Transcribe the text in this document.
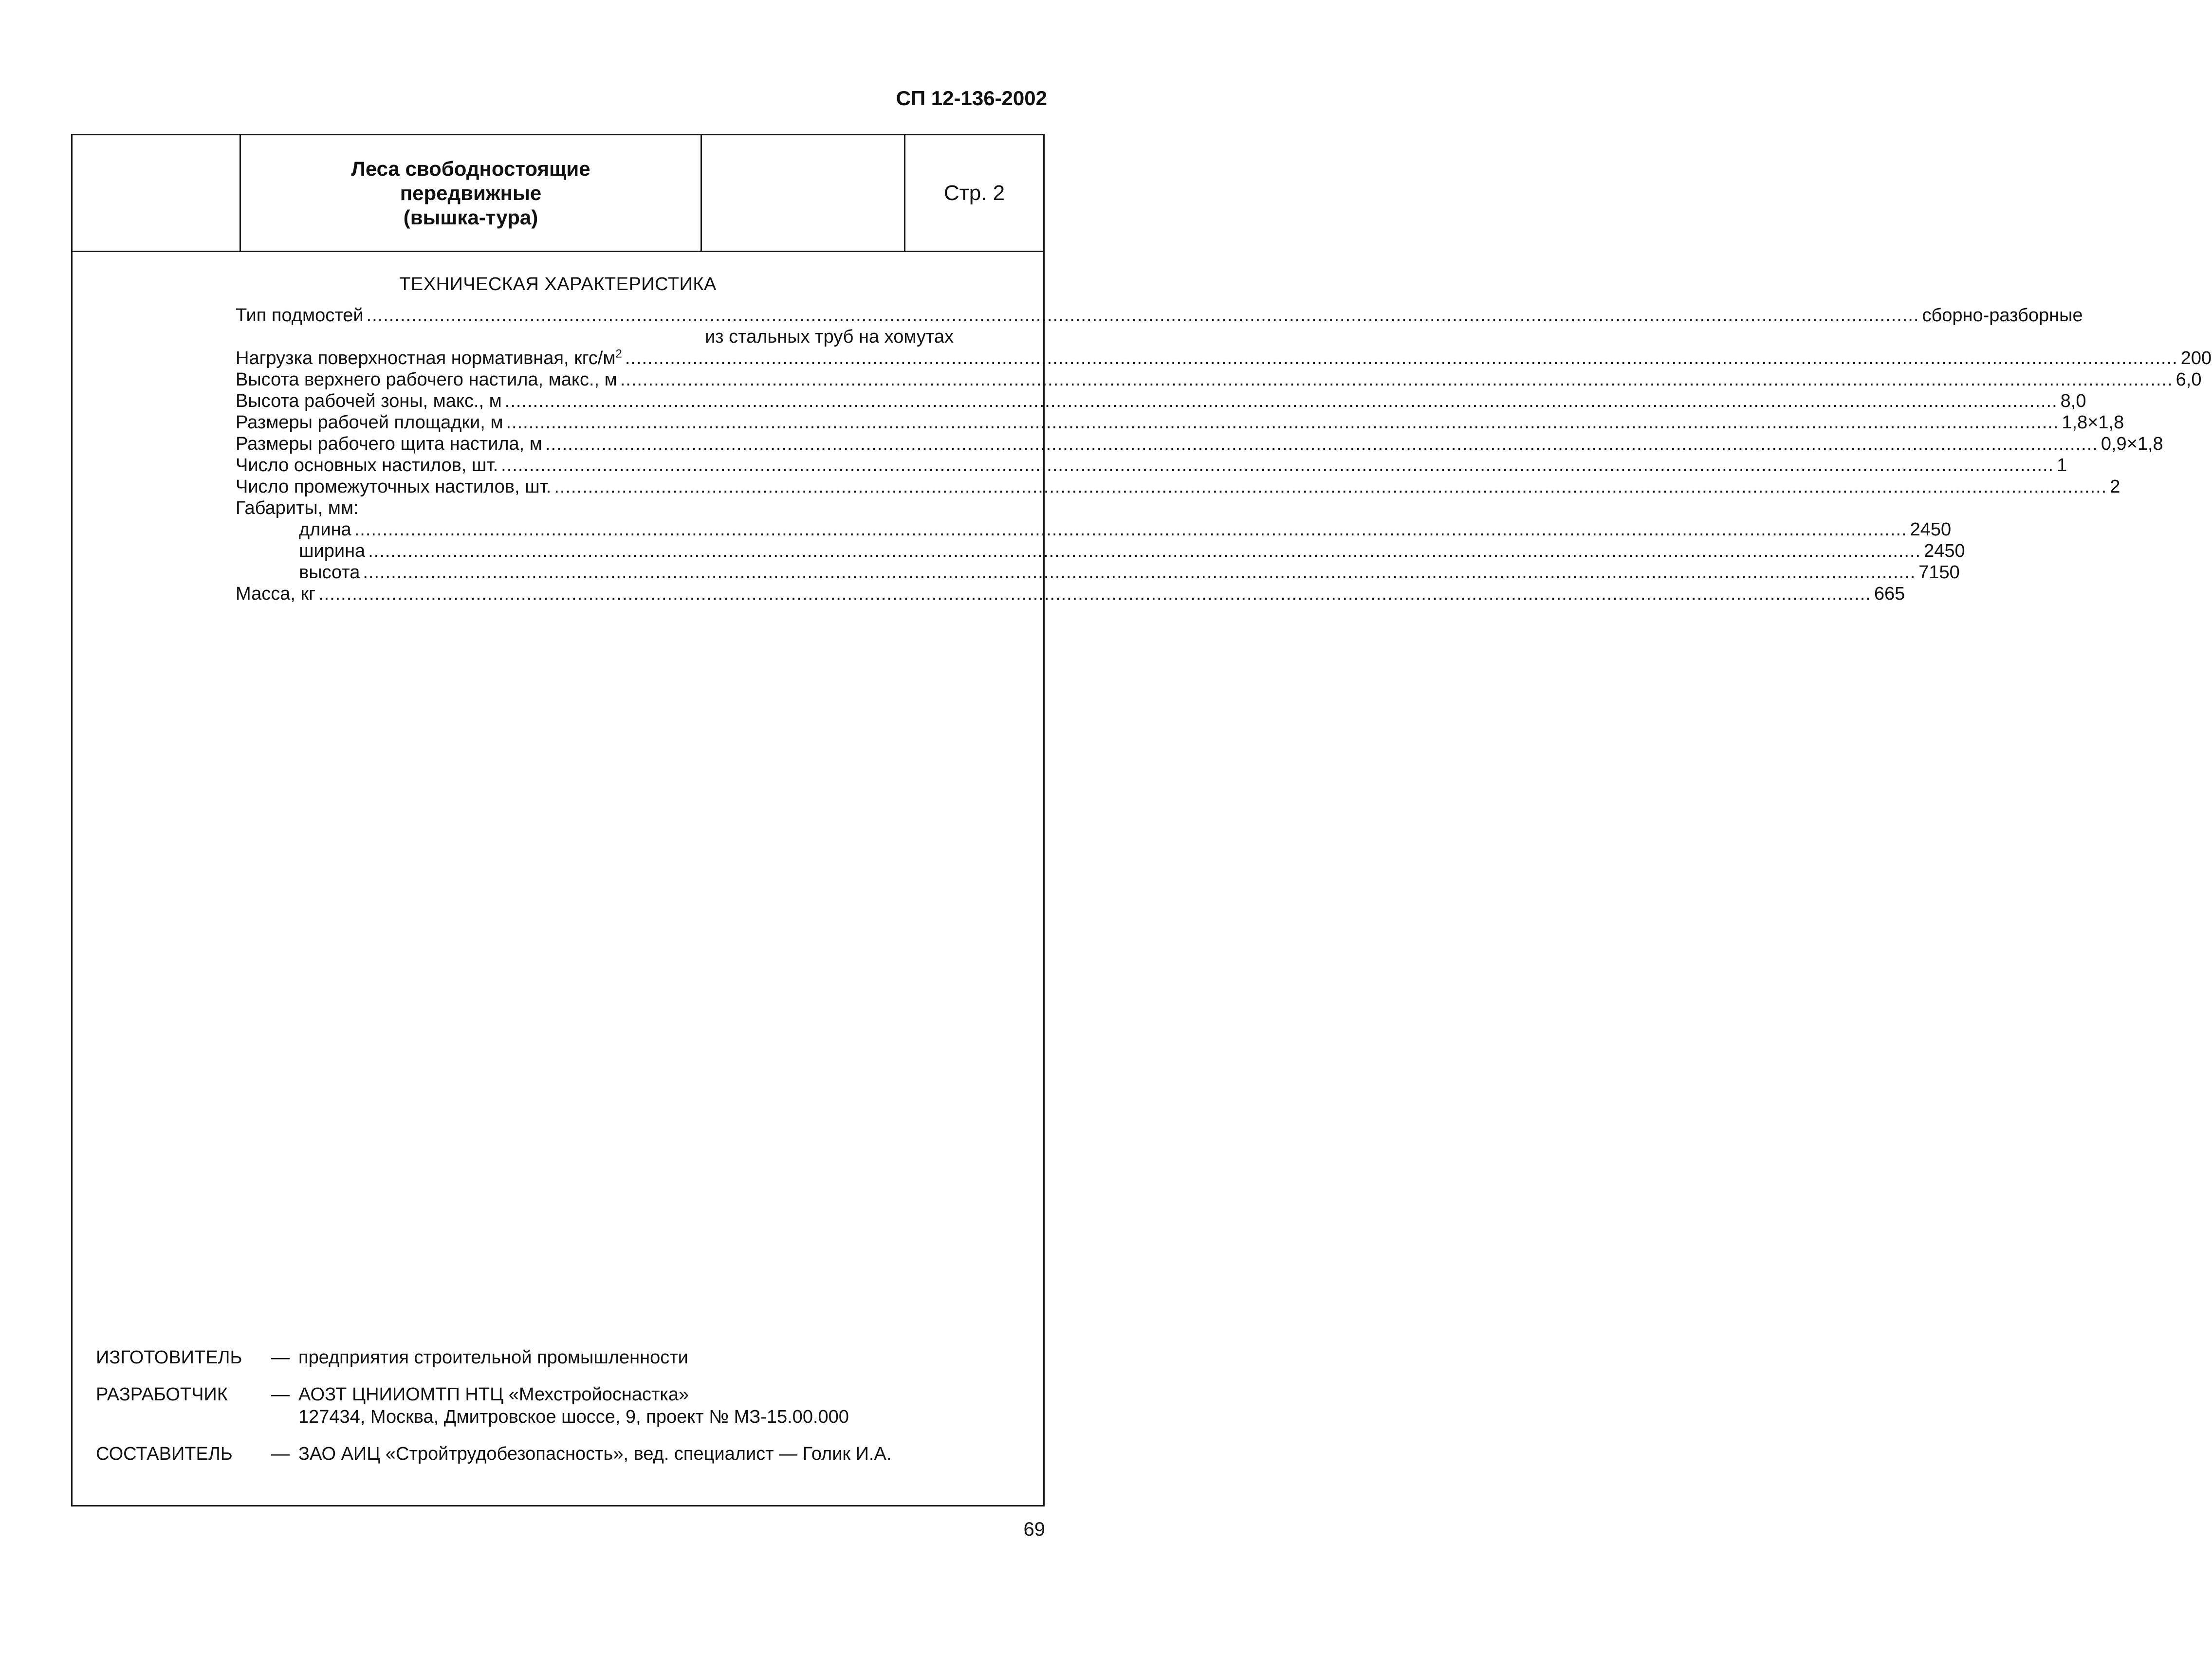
СП 12-136-2002
Леса свободностоящие
передвижные
(вышка-тура)
Стр. 2
ТЕХНИЧЕСКАЯ ХАРАКТЕРИСТИКА
Тип подмостей .................................................................................................................................................................................................................................................................................... сборно-разборные
из стальных труб на хомутах
Нагрузка поверхностная нормативная, кгс/$м^2$ .................................................................................................................................................................................................................................................................................... 200
Высота верхнего рабочего настила, макс., м .................................................................................................................................................................................................................................................................................... 6,0
Высота рабочей зоны, макс., м .................................................................................................................................................................................................................................................................................... 8,0
Размеры рабочей площадки, м .................................................................................................................................................................................................................................................................................... 1,8×1,8
Размеры рабочего щита настила, м .................................................................................................................................................................................................................................................................................... 0,9×1,8
Число основных настилов, шт. .................................................................................................................................................................................................................................................................................... 1
Число промежуточных настилов, шт. .................................................................................................................................................................................................................................................................................... 2
Габариты, мм:
длина .................................................................................................................................................................................................................................................................................... 2450
ширина .................................................................................................................................................................................................................................................................................... 2450
высота .................................................................................................................................................................................................................................................................................... 7150
Масса, кг .................................................................................................................................................................................................................................................................................... 665
ИЗГОТОВИТЕЛЬ	— предприятия строительной промышленности
РАЗРАБОТЧИК	— АОЗТ ЦНИИОМТП НТЦ «Мехстройоснастка»
127434, Москва, Дмитровское шоссе, 9, проект № МЗ-15.00.000
СОСТАВИТЕЛЬ	— ЗАО АИЦ «Стройтрудобезопасность», вед. специалист — Голик И.А.
69
